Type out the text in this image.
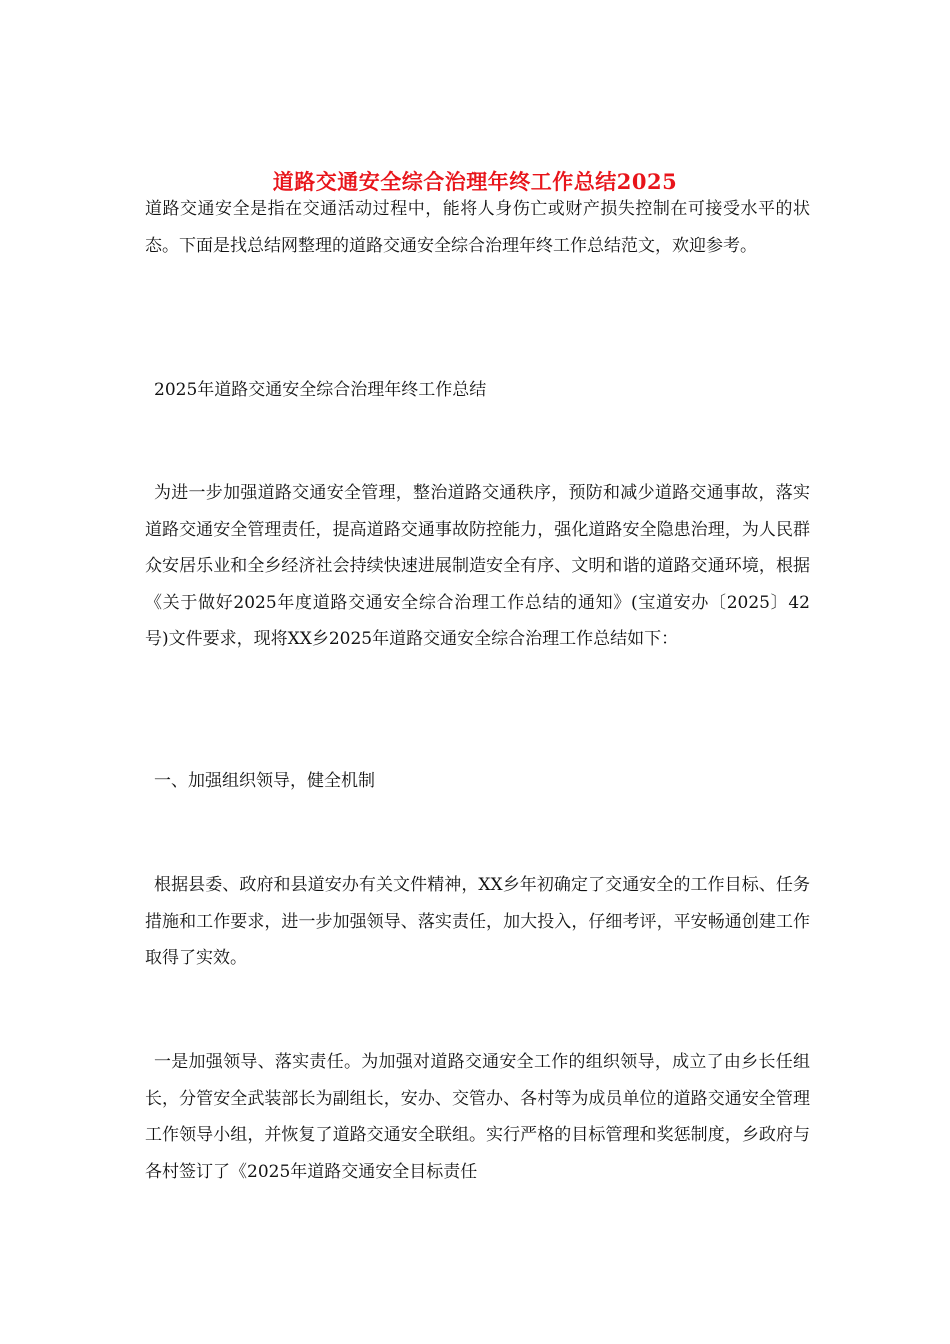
道路交通安全综合治理年终工作总结2025

道路交通安全是指在交通活动过程中，能将人身伤亡或财产损失控制在可接受水平的状态。下面是找总结网整理的道路交通安全综合治理年终工作总结范文，欢迎参考。

2025年道路交通安全综合治理年终工作总结

为进一步加强道路交通安全管理，整治道路交通秩序，预防和减少道路交通事故，落实道路交通安全管理责任，提高道路交通事故防控能力，强化道路安全隐患治理，为人民群众安居乐业和全乡经济社会持续快速进展制造安全有序、文明和谐的道路交通环境，根据《关于做好2025年度道路交通安全综合治理工作总结的通知》(宝道安办〔2025〕42号)文件要求，现将XX乡2025年道路交通安全综合治理工作总结如下：

一、加强组织领导，健全机制

根据县委、政府和县道安办有关文件精神，XX乡年初确定了交通安全的工作目标、任务措施和工作要求，进一步加强领导、落实责任，加大投入，仔细考评，平安畅通创建工作取得了实效。

一是加强领导、落实责任。为加强对道路交通安全工作的组织领导，成立了由乡长任组长，分管安全武装部长为副组长，安办、交管办、各村等为成员单位的道路交通安全管理工作领导小组，并恢复了道路交通安全联组。实行严格的目标管理和奖惩制度，乡政府与各村签订了《2025年道路交通安全目标责任
